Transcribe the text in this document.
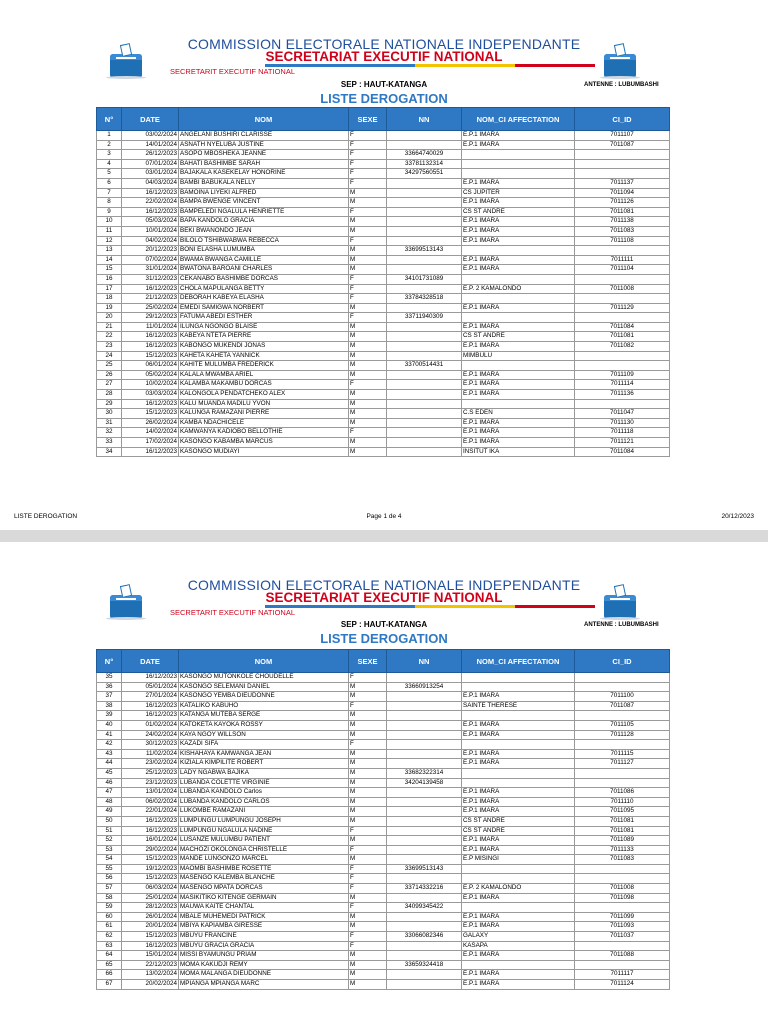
COMMISSION ELECTORALE NATIONALE INDEPENDANTE
SECRETARIAT EXECUTIF NATIONAL
SECRETARIT EXECUTIF NATIONAL
SEP : HAUT-KATANGA	ANTENNE : LUBUMBASHI
LISTE DEROGATION
N°	DATE	NOM	SEXE	NN	NOM_CI AFFECTATION	CI_ID
1	03/02/2024	ANGELANI BUSHIRI CLARISSE	F		E.P.1 IMARA	7011107
2	14/01/2024	ASNATH NYELUBA JUSTINE	F		E.P.1 IMARA	7011087
3	26/12/2023	ASOPO MBOSHEKA JEANNE	F	33664740029		
4	07/01/2024	BAHATI BASHIMBE SARAH	F	33781132314		
5	03/01/2024	BAJAKALA KASEKELAY HONORINE	F	34297560551		
6	04/03/2024	BAMBI BABUKALA NELLY	F		E.P.1 IMARA	7011137
7	16/12/2023	BAMOINA LIYEKI ALFRED	M		CS JUPITER	7011094
8	22/02/2024	BAMPA BWENGE VINCENT	M		E.P.1 IMARA	7011126
9	16/12/2023	BAMPELEDI NGALULA HENRIETTE	F		CS ST ANDRE	7011081
10	05/03/2024	BAPA KANDOLO GRACIA	M		E.P.1 IMARA	7011138
11	10/01/2024	BEKI BWANONDO JEAN	M		E.P.1 IMARA	7011083
12	04/02/2024	BILOLO TSHIBWABWA REBECCA	F		E.P.1 IMARA	7011108
13	20/12/2023	BONI ELASHA LUMUMBA	M	33699513143		
14	07/02/2024	BWAMA BWANGA CAMILLE	M		E.P.1 IMARA	7011111
15	31/01/2024	BWATONA BAROANI CHARLES	M		E.P.1 IMARA	7011104
16	31/12/2023	CEKANABO BASHIMBE DORCAS	F	34101731089		
17	16/12/2023	CHOLA MAPULANGA BETTY	F		E.P. 2 KAMALONDO	7011008
18	21/12/2023	DEBORAH KABEYA ELASHA	F	33784328518		
19	25/02/2024	EMEDI SAMIGWA NORBERT	M		E.P.1 IMARA	7011129
20	29/12/2023	FATUMA ABEDI ESTHER	F	33711940309		
21	11/01/2024	ILUNGA NGONGO BLAISE	M		E.P.1 IMARA	7011084
22	16/12/2023	KABEYA NTETA PIERRE	M		CS ST ANDRE	7011081
23	16/12/2023	KABONGO MUKENDI JONAS	M		E.P.1 IMARA	7011082
24	15/12/2023	KAHETA KAHETA YANNICK	M		MIMBULU	
25	06/01/2024	KAHITE MULUMBA FREDERICK	M	33700514431		
26	05/02/2024	KALALA MWAMBA ARIEL	M		E.P.1 IMARA	7011109
27	10/02/2024	KALAMBA MAKAMBU DORCAS	F		E.P.1 IMARA	7011114
28	03/03/2024	KALONGOLA PENDATCHEKO ALEX	M		E.P.1 IMARA	7011136
29	16/12/2023	KALU MUANDA MADILU YVON	M			
30	15/12/2023	KALUNGA RAMAZANI PIERRE	M		C.S EDEN	7011047
31	26/02/2024	KAMBA NDACHICELE	M		E.P.1 IMARA	7011130
32	14/02/2024	KAMWANYA KADIOBO BELLOTHIE	F		E.P.1 IMARA	7011118
33	17/02/2024	KASONGO KABAMBA MARCUS	M		E.P.1 IMARA	7011121
34	16/12/2023	KASONGO MUDIAYI	M		INSITUT IKA	7011084
LISTE DEROGATION	Page 1 de 4	20/12/2023
COMMISSION ELECTORALE NATIONALE INDEPENDANTE
SECRETARIAT EXECUTIF NATIONAL
SECRETARIT EXECUTIF NATIONAL
SEP : HAUT-KATANGA	ANTENNE : LUBUMBASHI
LISTE DEROGATION
N°	DATE	NOM	SEXE	NN	NOM_CI AFFECTATION	CI_ID
35	16/12/2023	KASONGO MUTONKOLE CHOUDELLE	F			
36	05/01/2024	KASONGO SELEMANI DANIEL	M	33660913254		
37	27/01/2024	KASONGO YEMBA DIEUDONNE	M		E.P.1 IMARA	7011100
38	16/12/2023	KATALIKO KABUHO	F		SAINTE THERESE	7011087
39	16/12/2023	KATANGA MUTEBA SERGE	M			
40	01/02/2024	KATOKETA KAYOKA ROSSY	M		E.P.1 IMARA	7011105
41	24/02/2024	KAYA NGOY WILLSON	M		E.P.1 IMARA	7011128
42	30/12/2023	KAZADI SIFA	F			
43	11/02/2024	KISHAHAYA KAMWANGA JEAN	M		E.P.1 IMARA	7011115
44	23/02/2024	KIZIALA KIMPILITE ROBERT	M		E.P.1 IMARA	7011127
45	25/12/2023	LADY NGABWA BAJIKA	M	33682322314		
46	23/12/2023	LUBANDA COLETTE VIRGINIE	M	34204139458		
47	13/01/2024	LUBANDA KANDOLO Carlos	M		E.P.1 IMARA	7011086
48	06/02/2024	LUBANDA KANDOLO CARLOS	M		E.P.1 IMARA	7011110
49	22/01/2024	LUKOMBE RAMAZANI	M		E.P.1 IMARA	7011095
50	16/12/2023	LUMPUNGU LUMPUNGU JOSEPH	M		CS ST ANDRE	7011081
51	16/12/2023	LUMPUNGU NGALULA NADINE	F		CS ST ANDRE	7011081
52	16/01/2024	LUSANZE MULUMBU PATIENT	M		E.P.1 IMARA	7011089
53	29/02/2024	MACHOZI OKOLONGA CHRISTELLE	F		E.P.1 IMARA	7011133
54	15/12/2023	MANDE LUNGONZO MARCEL	M		E.P MISINGI	7011083
55	19/12/2023	MAOMBI BASHIMBE ROSETTE	F	33699513143		
56	15/12/2023	MASENGO KALEMBA BLANCHE	F			
57	06/03/2024	MASENGO MPATA DORCAS	F	33714332216	E.P. 2 KAMALONDO	7011008
58	25/01/2024	MASIKITIKO KITENGE GERMAIN	M		E.P.1 IMARA	7011098
59	28/12/2023	MAUWA KAITE CHANTAL	F	34099345422		
60	26/01/2024	MBALE MUHEMEDI PATRICK	M		E.P.1 IMARA	7011099
61	20/01/2024	MBIYA KAPIAMBA GIRESSE	M		E.P.1 IMARA	7011093
62	15/12/2023	MBUYU FRANCINE	F	33066082346	GALAXY	7011037
63	16/12/2023	MBUYU GRACIA GRACIA	F		KASAPA	
64	15/01/2024	MISSI BYAMUNGU PRIAM	M		E.P.1 IMARA	7011088
65	22/12/2023	MOMA KAKUDJI REMY	M	33659324418		
66	13/02/2024	MOMA MALANGA DIEUDONNE	M		E.P.1 IMARA	7011117
67	20/02/2024	MPIANGA MPIANGA MARC	M		E.P.1 IMARA	7011124
